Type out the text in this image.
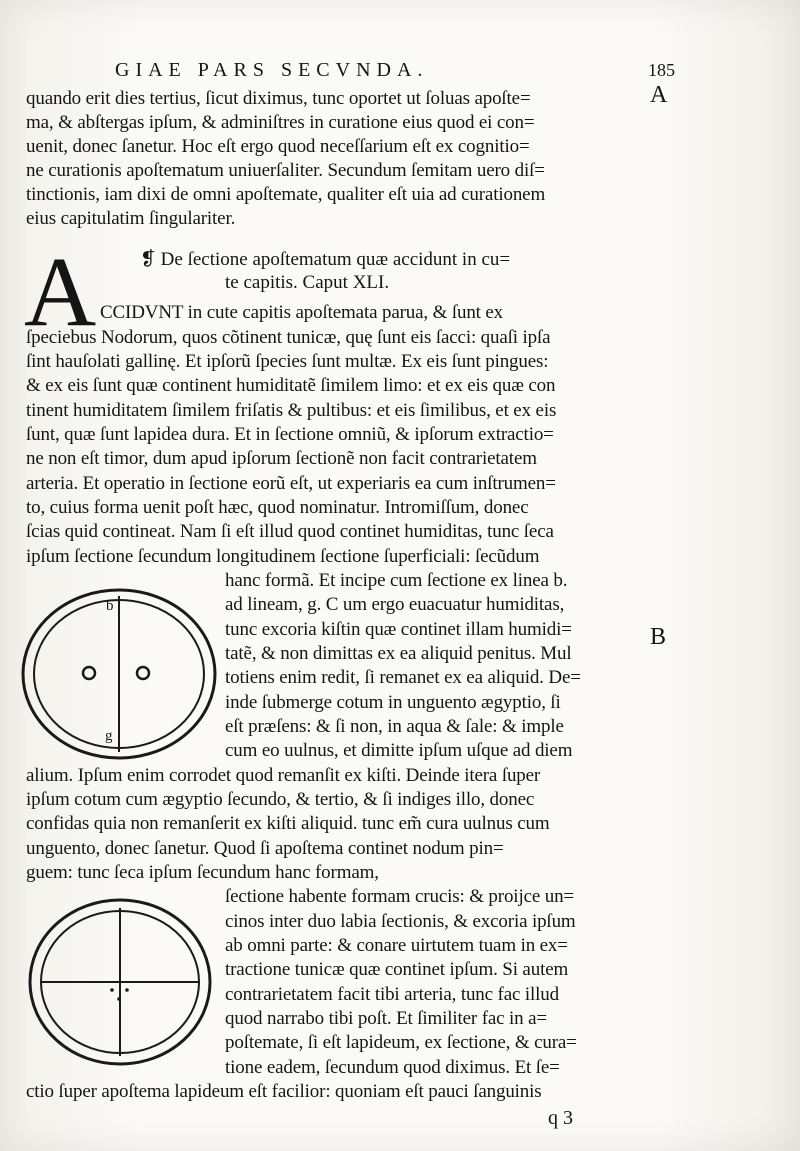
GIAE PARS SECVNDA.	185
A
B
A ❡ De ſectione apoſtematum quæ accidunt in cu=
te capitis. Caput XLI.
quando erit dies tertius, ſicut diximus, tunc oportet ut ſoluas apoſte=
ma, & abſtergas ipſum, & adminiſtres in curatione eius quod ei con=
uenit, donec ſanetur. Hoc eſt ergo quod neceſſarium eſt ex cognitio=
ne curationis apoſtematum uniuerſaliter. Secundum ſemitam uero diſ=
tinctionis, iam dixi de omni apoſtemate, qualiter eſt uia ad curationem
eius capitulatim ſingulariter.
CCIDVNT in cute capitis apoſtemata parua, & ſunt ex
ſpeciebus Nodorum, quos cõtinent tunicæ, quę ſunt eis ſacci: quaſi ipſa
ſint hauſolati gallinę. Et ipſorũ ſpecies ſunt multæ. Ex eis ſunt pingues:
& ex eis ſunt quæ continent humiditatẽ ſimilem limo: et ex eis quæ con
tinent humiditatem ſimilem friſatis & pultibus: et eis ſimilibus, et ex eis
ſunt, quæ ſunt lapidea dura. Et in ſectione omniũ, & ipſorum extractio=
ne non eſt timor, dum apud ipſorum ſectionẽ non facit contrarietatem
arteria. Et operatio in ſectione eorũ eſt, ut experiaris ea cum inſtrumen=
to, cuius forma uenit poſt hæc, quod nominatur. Intromiſſum, donec
ſcias quid contineat. Nam ſi eſt illud quod continet humiditas, tunc ſeca
ipſum ſectione ſecundum longitudinem ſectione ſuperficiali: ſecũdum
hanc formã. Et incipe cum ſectione ex linea b.
ad lineam, g. C um ergo euacuatur humiditas,
tunc excoria kiſtin quæ continet illam humidi=
tatẽ, & non dimittas ex ea aliquid penitus. Mul
totiens enim redit, ſi remanet ex ea aliquid. De=
inde ſubmerge cotum in unguento ægyptio, ſi
eſt præſens: & ſi non, in aqua & ſale: & imple
cum eo uulnus, et dimitte ipſum uſque ad diem
alium. Ipſum enim corrodet quod remanſit ex kiſti. Deinde itera ſuper
ipſum cotum cum ægyptio ſecundo, & tertio, & ſi indiges illo, donec
confidas quia non remanſerit ex kiſti aliquid. tunc em̃ cura uulnus cum
unguento, donec ſanetur. Quod ſi apoſtema continet nodum pin=
guem: tunc ſeca ipſum ſecundum hanc formam,
ſectione habente formam crucis: & proijce un=
cinos inter duo labia ſectionis, & excoria ipſum
ab omni parte: & conare uirtutem tuam in ex=
tractione tunicæ quæ continet ipſum. Si autem
contrarietatem facit tibi arteria, tunc fac illud
quod narrabo tibi poſt. Et ſimiliter fac in a=
poſtemate, ſi eſt lapideum, ex ſectione, & cura=
tione eadem, ſecundum quod diximus. Et ſe=
ctio ſuper apoſtema lapideum eſt facilior: quoniam eſt pauci ſanguinis
b
g
q 3
